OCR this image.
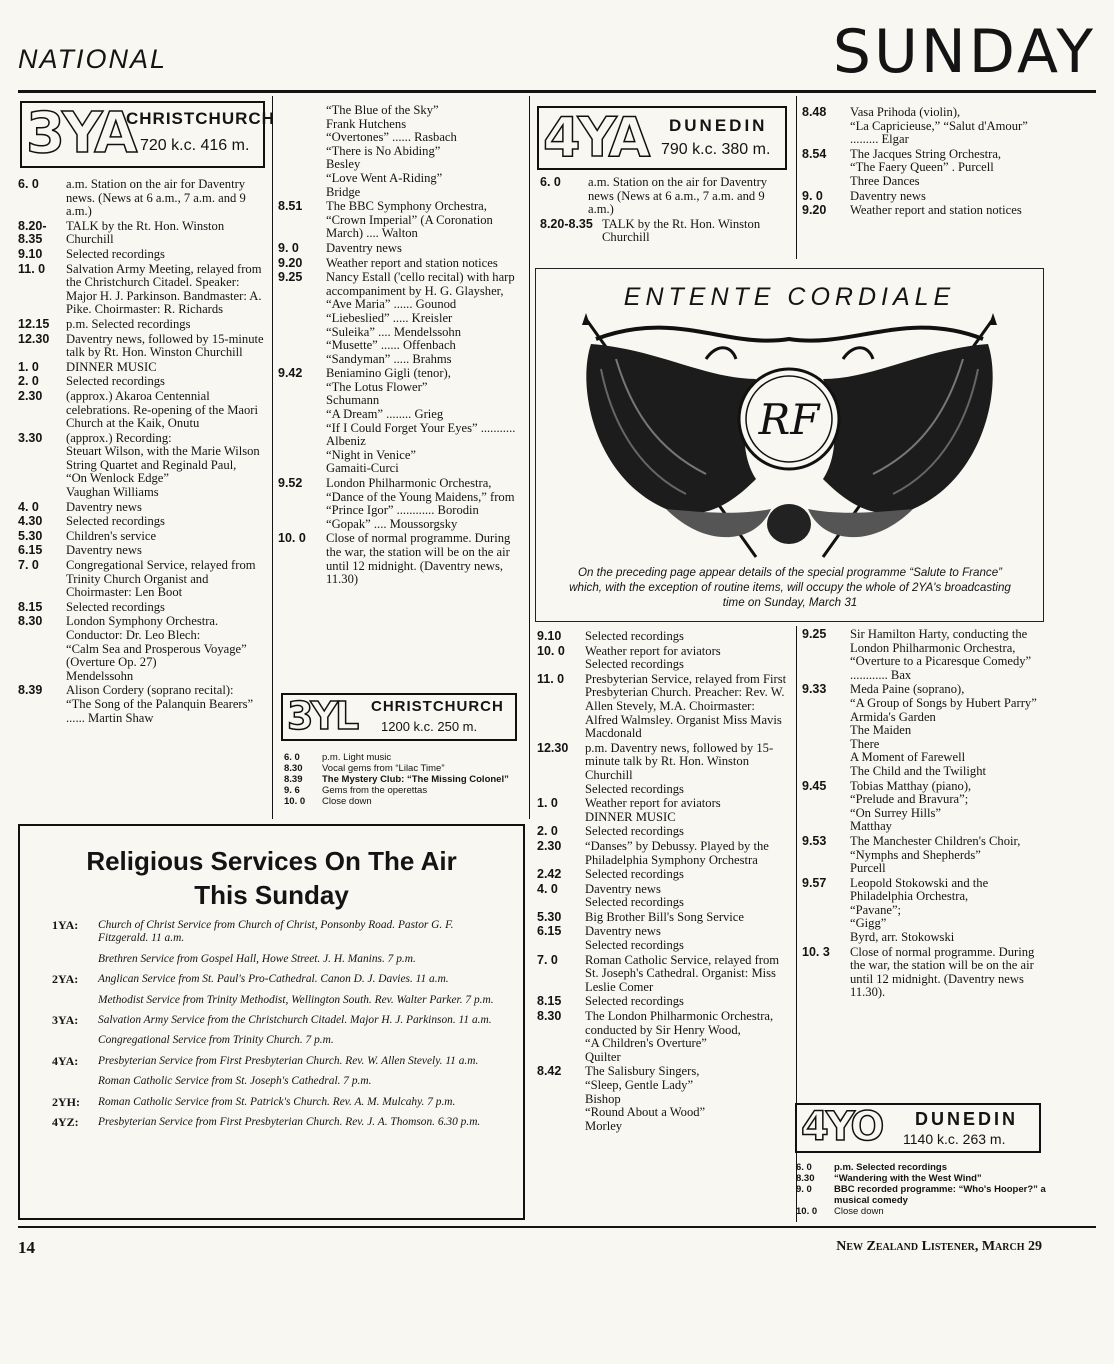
NATIONAL	SUNDAY
3YA
CHRISTCHURCH
720 k.c. 416 m.
6. 0	a.m. Station on the air for Daventry news. (News at 6 a.m., 7 a.m. and 9 a.m.)
8.20-8.35
TALK by the Rt. Hon. Winston Churchill
9.10	Selected recordings
11. 0	Salvation Army Meeting, relayed from the Christchurch Citadel. Speaker: Major H. J. Parkinson. Bandmaster: A. Pike. Choirmaster: R. Richards
12.15	p.m. Selected recordings
12.30	Daventry news, followed by 15-minute talk by Rt. Hon. Winston Churchill
1. 0	DINNER MUSIC
2. 0	Selected recordings
2.30	(approx.) Akaroa Centennial celebrations. Re-opening of the Maori Church at the Kaik, Onutu
3.30	(approx.) Recording:
Steuart Wilson, with the Marie Wilson String Quartet and Reginald Paul,
“On Wenlock Edge”
Vaughan Williams
4. 0	Daventry news
4.30	Selected recordings
5.30	Children's service
6.15	Daventry news
7. 0	Congregational Service, relayed from Trinity Church Organist and Choirmaster: Len Boot
8.15	Selected recordings
8.30	London Symphony Orchestra. Conductor: Dr. Leo Blech:
“Calm Sea and Prosperous Voyage” (Overture Op. 27)
Mendelssohn
8.39	Alison Cordery (soprano recital):
“The Song of the Palanquin Bearers” ...... Martin Shaw
“The Blue of the Sky”
Frank Hutchens
“Overtones” ...... Rasbach
“There is No Abiding”
Besley
“Love Went A-Riding”
Bridge
8.51	The BBC Symphony Orchestra,
“Crown Imperial” (A Coronation March) .... Walton
9. 0	Daventry news
9.20	Weather report and station notices
9.25	Nancy Estall ('cello recital) with harp accompaniment by H. G. Glaysher,
“Ave Maria” ...... Gounod
“Liebeslied” ..... Kreisler
“Suleika” .... Mendelssohn
“Musette” ...... Offenbach
“Sandyman” ..... Brahms
9.42	Beniamino Gigli (tenor),
“The Lotus Flower”
Schumann
“A Dream” ........ Grieg
“If I Could Forget Your Eyes” ........... Albeniz
“Night in Venice”
Gamaiti-Curci
9.52	London Philharmonic Orchestra,
“Dance of the Young Maidens,” from “Prince Igor” ............ Borodin
“Gopak” .... Moussorgsky
10. 0	Close of normal programme. During the war, the station will be on the air until 12 midnight. (Daventry news, 11.30)
3YL CHRISTCHURCH
1200 k.c. 250 m.
6. 0	p.m. Light music
8.30	Vocal gems from “Lilac Time”
8.39	The Mystery Club: “The Missing Colonel”
9. 6	Gems from the operettas
10. 0	Close down
4YA DUNEDIN
790 k.c. 380 m.
6. 0	a.m. Station on the air for Daventry news (News at 6 a.m., 7 a.m. and 9 a.m.)
8.20-8.35 TALK by the Rt. Hon. Winston Churchill
8.48	Vasa Prihoda (violin),
“La Capricieuse,” “Salut d'Amour” ......... Elgar
8.54	The Jacques String Orchestra,
“The Faery Queen” . Purcell
Three Dances
9. 0	Daventry news
9.20	Weather report and station notices
ENTENTE CORDIALE
RF
On the preceding page appear details of the special programme “Salute to France” which, with the exception of routine items, will occupy the whole of 2YA's broadcasting time on Sunday, March 31
9.10	Selected recordings
10. 0	Weather report for aviators
Selected recordings
11. 0	Presbyterian Service, relayed from First Presbyterian Church. Preacher: Rev. W. Allen Stevely, M.A. Choirmaster: Alfred Walmsley. Organist Miss Mavis Macdonald
12.30	p.m. Daventry news, followed by 15-minute talk by Rt. Hon. Winston Churchill
Selected recordings
1. 0	Weather report for aviators
DINNER MUSIC
2. 0	Selected recordings
2.30	“Danses” by Debussy. Played by the Philadelphia Symphony Orchestra
2.42	Selected recordings
4. 0	Daventry news
Selected recordings
5.30	Big Brother Bill's Song Service
6.15	Daventry news
Selected recordings
7. 0	Roman Catholic Service, relayed from St. Joseph's Cathedral. Organist: Miss Leslie Comer
8.15	Selected recordings
8.30	The London Philharmonic Orchestra, conducted by Sir Henry Wood,
“A Children's Overture”
Quilter
8.42	The Salisbury Singers,
“Sleep, Gentle Lady”
Bishop
“Round About a Wood”
Morley
9.25	Sir Hamilton Harty, conducting the London Philharmonic Orchestra,
“Overture to a Picaresque Comedy” ............ Bax
9.33	Meda Paine (soprano),
“A Group of Songs by Hubert Parry”
Armida's Garden
The Maiden
There
A Moment of Farewell
The Child and the Twilight
9.45	Tobias Matthay (piano),
“Prelude and Bravura”;
“On Surrey Hills”
Matthay
9.53	The Manchester Children's Choir,
“Nymphs and Shepherds”
Purcell
9.57	Leopold Stokowski and the Philadelphia Orchestra,
“Pavane”;
“Gigg”
Byrd, arr. Stokowski
10. 3	Close of normal programme. During the war, the station will be on the air until 12 midnight. (Daventry news 11.30).
4YO DUNEDIN
1140 k.c. 263 m.
6. 0	p.m. Selected recordings
8.30	“Wandering with the West Wind”
9. 0	BBC recorded programme: “Who's Hooper?” a musical comedy
10. 0	Close down
Religious Services On The Air
This Sunday
1YA:	Church of Christ Service from Church of Christ, Ponsonby Road. Pastor G. F. Fitzgerald. 11 a.m.
Brethren Service from Gospel Hall, Howe Street. J. H. Manins. 7 p.m.
2YA:	Anglican Service from St. Paul's Pro-Cathedral. Canon D. J. Davies. 11 a.m.
Methodist Service from Trinity Methodist, Wellington South. Rev. Walter Parker. 7 p.m.
3YA:	Salvation Army Service from the Christchurch Citadel. Major H. J. Parkinson. 11 a.m.
Congregational Service from Trinity Church. 7 p.m.
4YA:	Presbyterian Service from First Presbyterian Church. Rev. W. Allen Stevely. 11 a.m.
Roman Catholic Service from St. Joseph's Cathedral. 7 p.m.
2YH:	Roman Catholic Service from St. Patrick's Church. Rev. A. M. Mulcahy. 7 p.m.
4YZ:	Presbyterian Service from First Presbyterian Church. Rev. J. A. Thomson. 6.30 p.m.
14	New Zealand Listener, March 29
